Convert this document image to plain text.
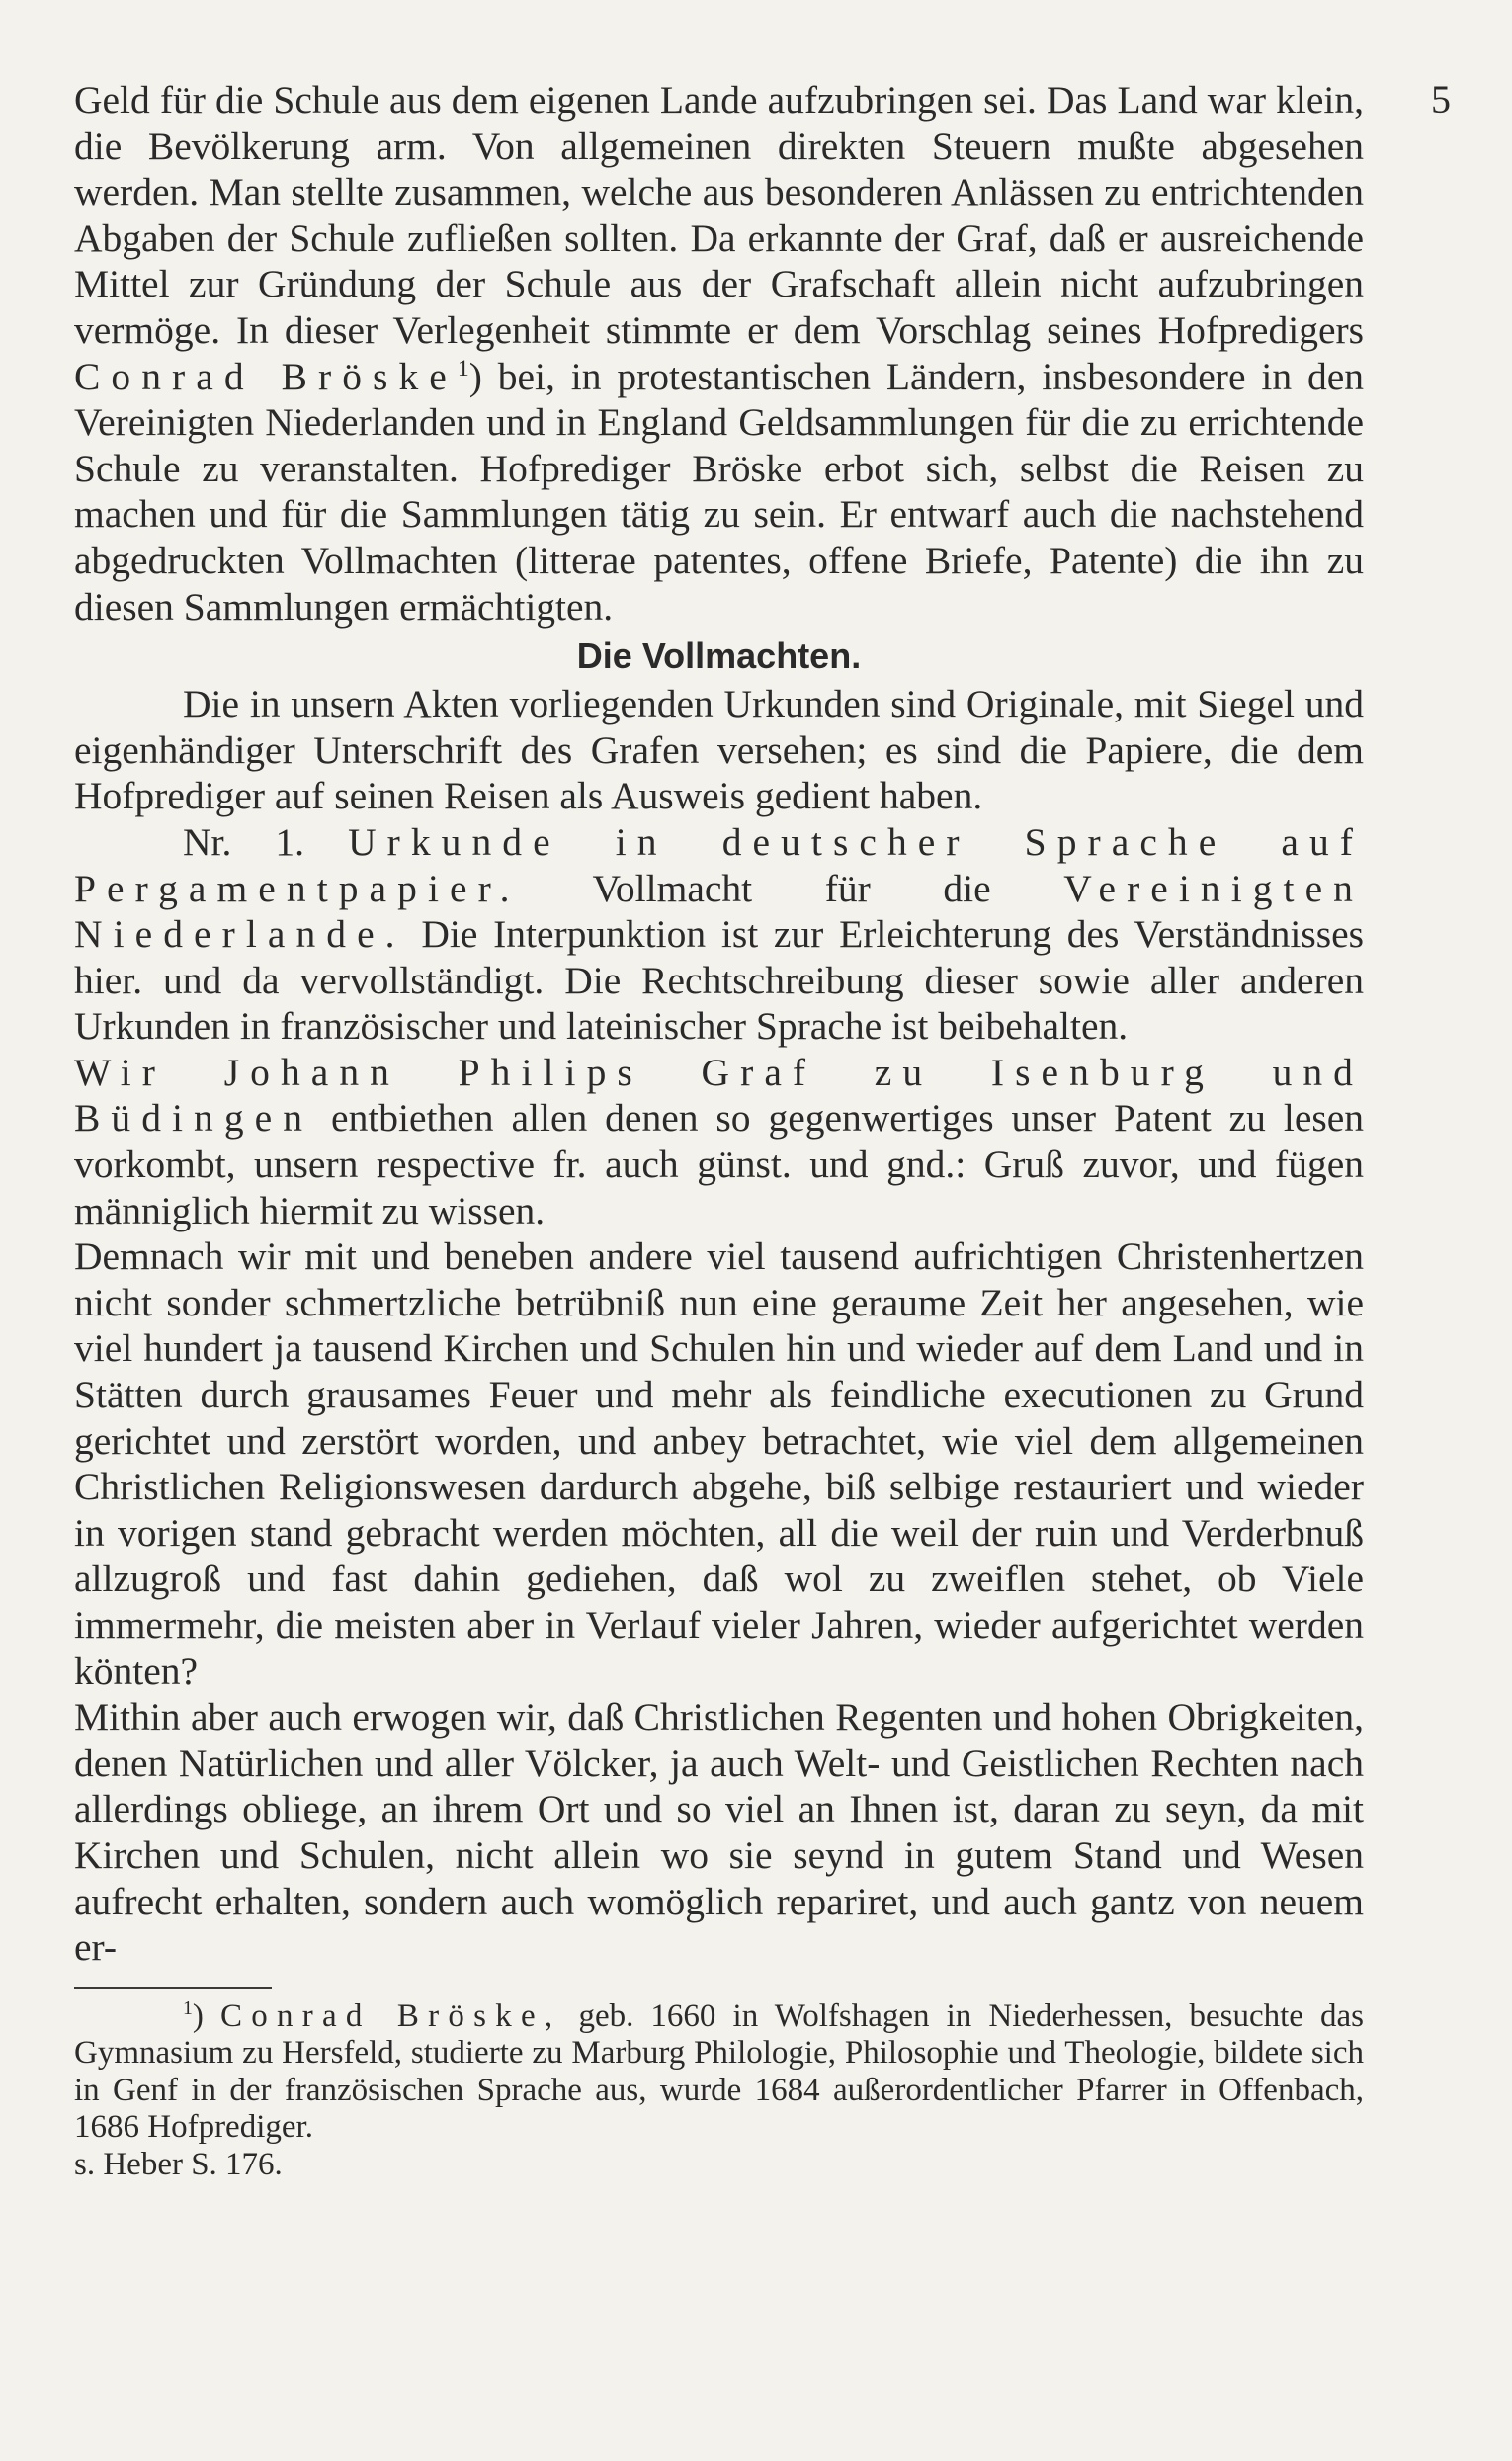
5

Geld für die Schule aus dem eigenen Lande aufzubringen sei. Das Land war klein, die Bevölkerung arm. Von allgemeinen direkten Steuern mußte abgesehen werden. Man stellte zusammen, welche aus besonderen Anlässen zu entrichtenden Abgaben der Schule zufließen sollten. Da erkannte der Graf, daß er ausreichende Mittel zur Gründung der Schule aus der Grafschaft allein nicht aufzubringen vermöge. In dieser Verlegenheit stimmte er dem Vorschlag seines Hofpredigers Conrad Bröske$^1$) bei, in protestantischen Ländern, insbesondere in den Vereinigten Niederlanden und in England Geldsammlungen für die zu errichtende Schule zu veranstalten. Hofprediger Bröske erbot sich, selbst die Reisen zu machen und für die Sammlungen tätig zu sein. Er entwarf auch die nachstehend abgedruckten Vollmachten (litterae patentes, offene Briefe, Patente) die ihn zu diesen Sammlungen ermächtigten.

Die Vollmachten.

Die in unsern Akten vorliegenden Urkunden sind Originale, mit Siegel und eigenhändiger Unterschrift des Grafen versehen; es sind die Papiere, die dem Hofprediger auf seinen Reisen als Ausweis gedient haben.

Nr. 1. Urkunde in deutscher Sprache auf Pergamentpapier. Vollmacht für die Vereinigten Niederlande. Die Interpunktion ist zur Erleichterung des Verständnisses hier. und da vervollständigt. Die Rechtschreibung dieser sowie aller anderen Urkunden in französischer und lateinischer Sprache ist beibehalten.

Wir Johann Philips Graf zu Isenburg und Büdingen entbiethen allen denen so gegenwertiges unser Patent zu lesen vorkombt, unsern respective fr. auch günst. und gnd.: Gruß zuvor, und fügen männiglich hiermit zu wissen.

Demnach wir mit und beneben andere viel tausend aufrichtigen Christenhertzen nicht sonder schmertzliche betrübniß nun eine geraume Zeit her angesehen, wie viel hundert ja tausend Kirchen und Schulen hin und wieder auf dem Land und in Stätten durch grausames Feuer und mehr als feindliche executionen zu Grund gerichtet und zerstört worden, und anbey betrachtet, wie viel dem allgemeinen Christlichen Religionswesen dardurch abgehe, biß selbige restauriert und wieder in vorigen stand gebracht werden möchten, all die weil der ruin und Verderbnuß allzugroß und fast dahin gediehen, daß wol zu zweiflen stehet, ob Viele immermehr, die meisten aber in Verlauf vieler Jahren, wieder aufgerichtet werden könten?

Mithin aber auch erwogen wir, daß Christlichen Regenten und hohen Obrigkeiten, denen Natürlichen und aller Völcker, ja auch Welt- und Geistlichen Rechten nach allerdings obliege, an ihrem Ort und so viel an Ihnen ist, daran zu seyn, da mit Kirchen und Schulen, nicht allein wo sie seynd in gutem Stand und Wesen aufrecht erhalten, sondern auch womöglich repariret, und auch gantz von neuem er-

$^1$) Conrad Bröske, geb. 1660 in Wolfshagen in Niederhessen, besuchte das Gymnasium zu Hersfeld, studierte zu Marburg Philologie, Philosophie und Theologie, bildete sich in Genf in der französischen Sprache aus, wurde 1684 außerordentlicher Pfarrer in Offenbach, 1686 Hofprediger.

s. Heber S. 176.
